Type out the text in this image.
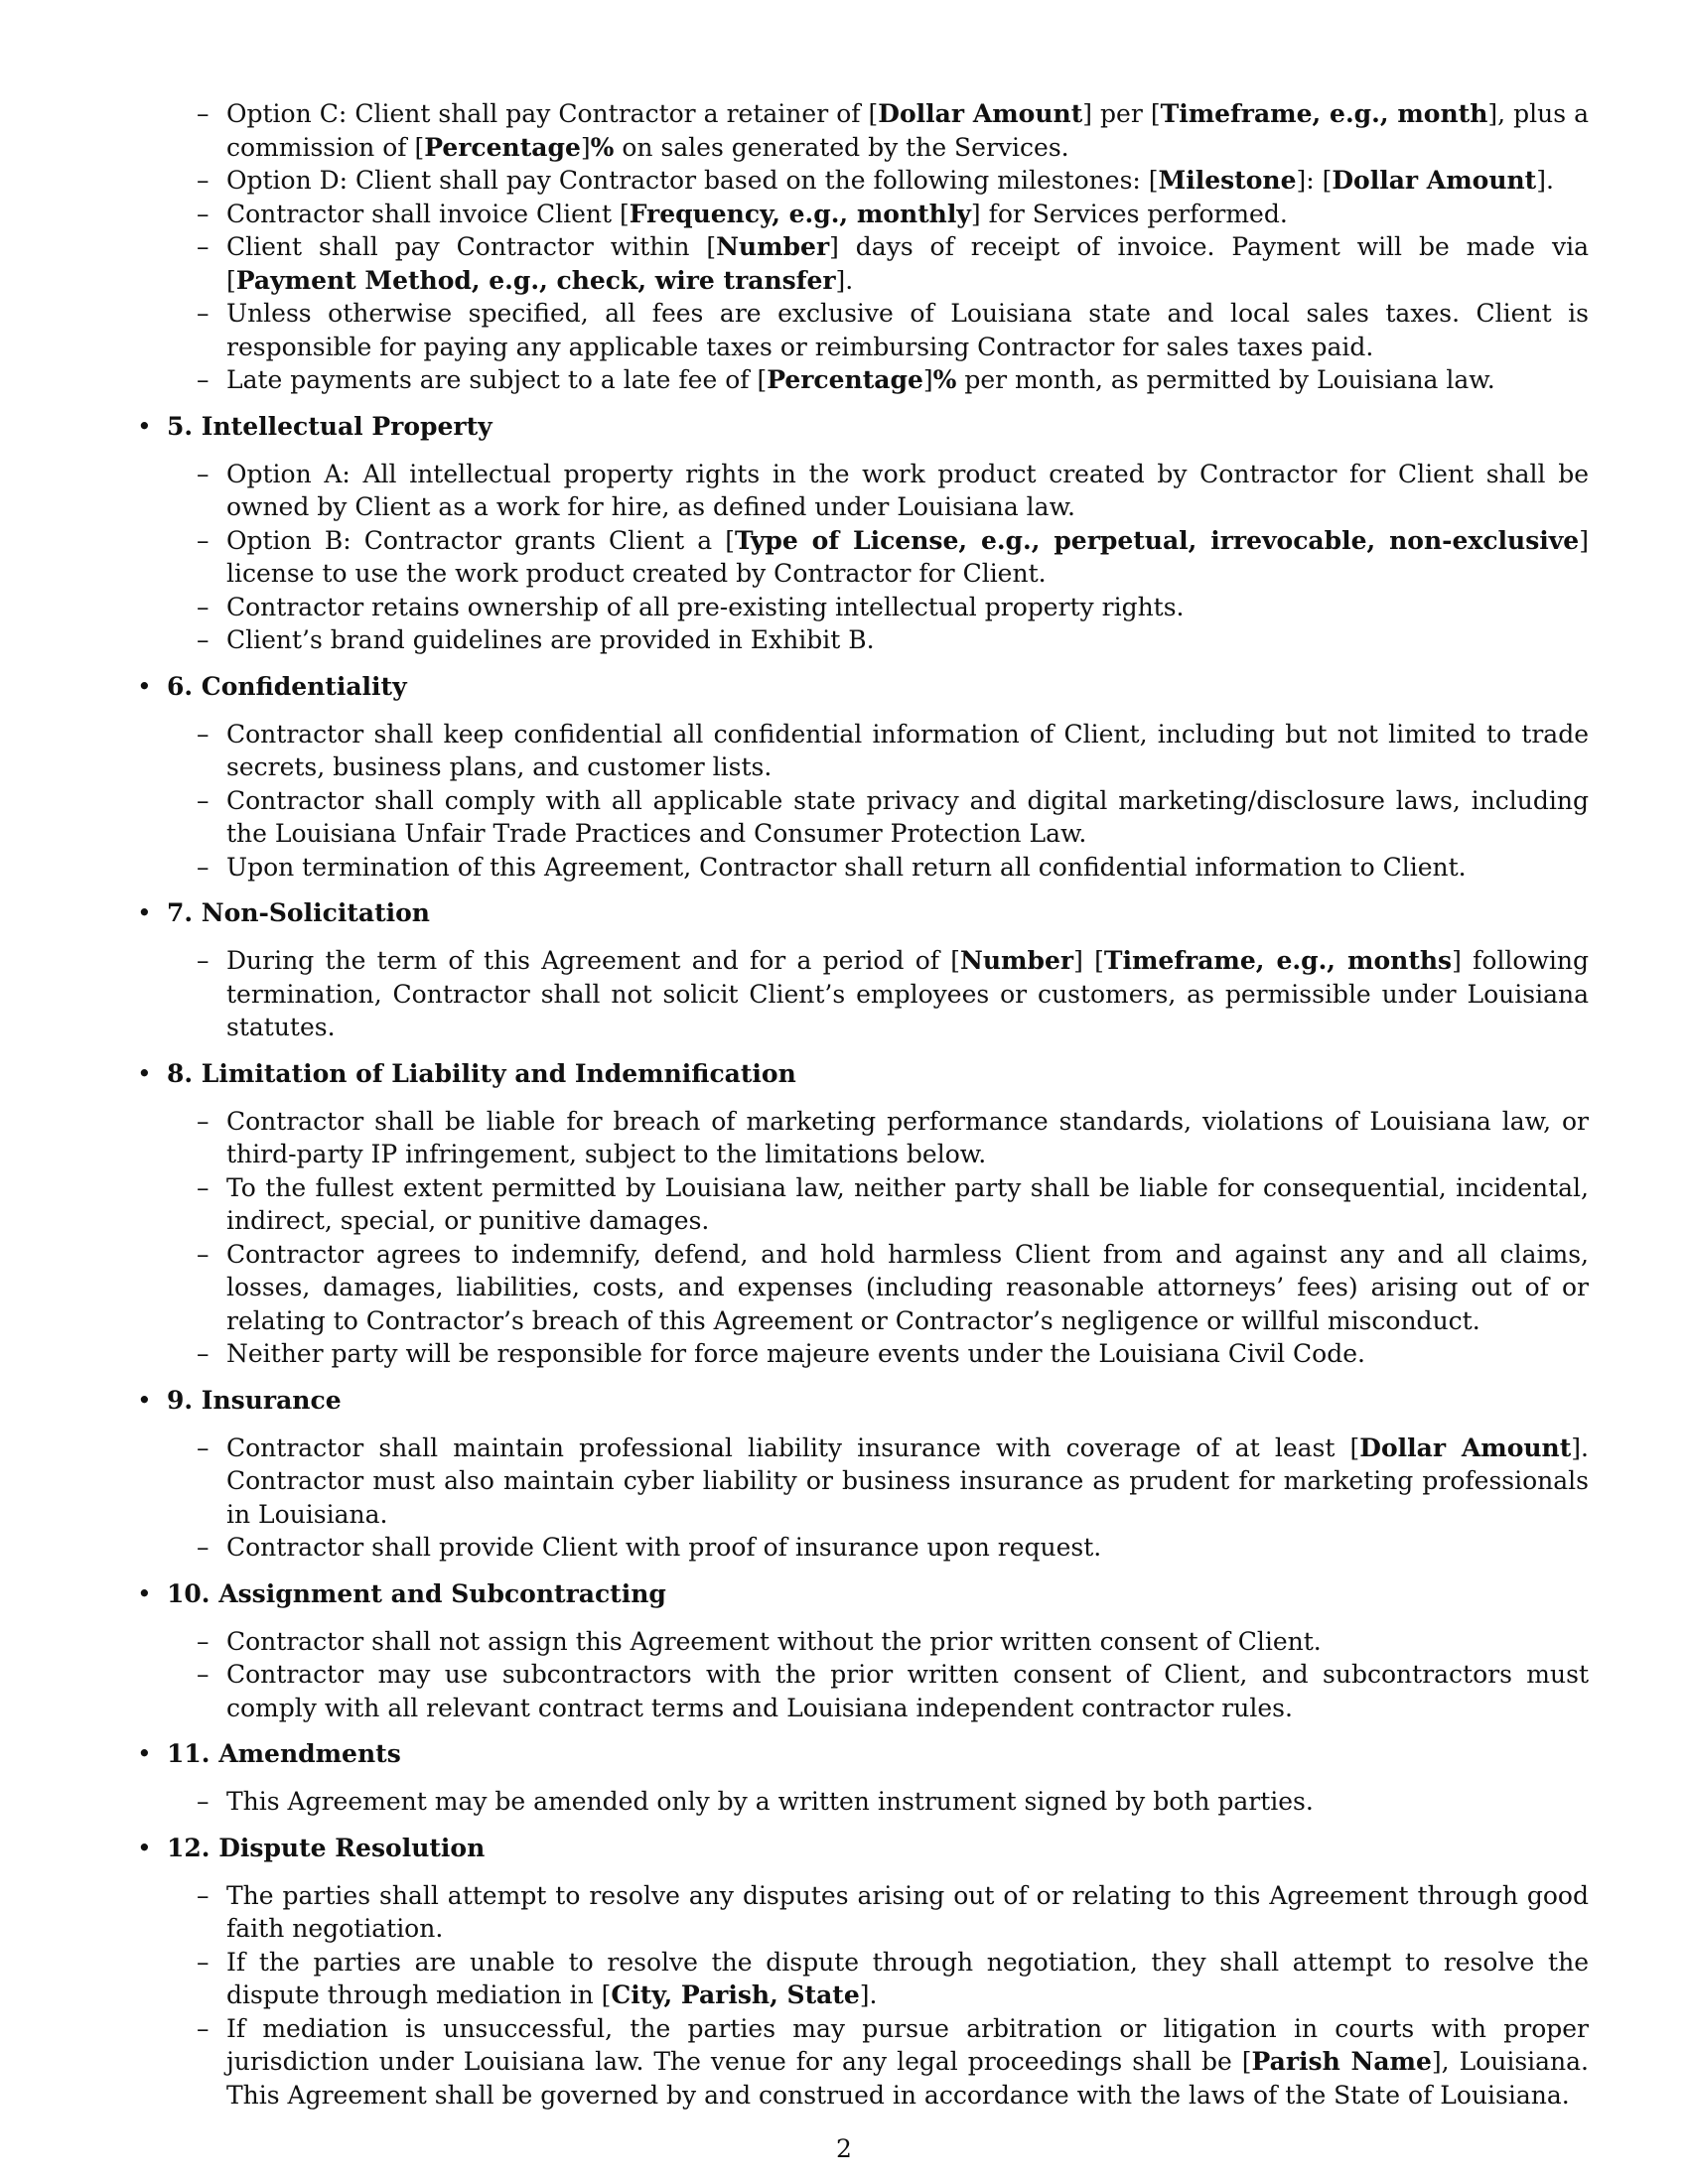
– Option C: Client shall pay Contractor a retainer of [Dollar Amount] per [Timeframe, e.g., month], plus a commission of [Percentage]% on sales generated by the Services.
– Option D: Client shall pay Contractor based on the following milestones: [Milestone]: [Dollar Amount].
– Contractor shall invoice Client [Frequency, e.g., monthly] for Services performed.
– Client shall pay Contractor within [Number] days of receipt of invoice. Payment will be made via [Payment Method, e.g., check, wire transfer].
– Unless otherwise specified, all fees are exclusive of Louisiana state and local sales taxes. Client is responsible for paying any applicable taxes or reimbursing Contractor for sales taxes paid.
– Late payments are subject to a late fee of [Percentage]% per month, as permitted by Louisiana law.
• 5. Intellectual Property
– Option A: All intellectual property rights in the work product created by Contractor for Client shall be owned by Client as a work for hire, as defined under Louisiana law.
– Option B: Contractor grants Client a [Type of License, e.g., perpetual, irrevocable, non-exclusive] license to use the work product created by Contractor for Client.
– Contractor retains ownership of all pre-existing intellectual property rights.
– Client’s brand guidelines are provided in Exhibit B.
• 6. Confidentiality
– Contractor shall keep confidential all confidential information of Client, including but not limited to trade secrets, business plans, and customer lists.
– Contractor shall comply with all applicable state privacy and digital marketing/disclosure laws, including the Louisiana Unfair Trade Practices and Consumer Protection Law.
– Upon termination of this Agreement, Contractor shall return all confidential information to Client.
• 7. Non-Solicitation
– During the term of this Agreement and for a period of [Number] [Timeframe, e.g., months] following termination, Contractor shall not solicit Client’s employees or customers, as permissible under Louisiana statutes.
• 8. Limitation of Liability and Indemnification
– Contractor shall be liable for breach of marketing performance standards, violations of Louisiana law, or third-party IP infringement, subject to the limitations below.
– To the fullest extent permitted by Louisiana law, neither party shall be liable for consequential, incidental, indirect, special, or punitive damages.
– Contractor agrees to indemnify, defend, and hold harmless Client from and against any and all claims, losses, damages, liabilities, costs, and expenses (including reasonable attorneys’ fees) arising out of or relating to Contractor’s breach of this Agreement or Contractor’s negligence or willful misconduct.
– Neither party will be responsible for force majeure events under the Louisiana Civil Code.
• 9. Insurance
– Contractor shall maintain professional liability insurance with coverage of at least [Dollar Amount]. Contractor must also maintain cyber liability or business insurance as prudent for marketing professionals in Louisiana.
– Contractor shall provide Client with proof of insurance upon request.
• 10. Assignment and Subcontracting
– Contractor shall not assign this Agreement without the prior written consent of Client.
– Contractor may use subcontractors with the prior written consent of Client, and subcontractors must comply with all relevant contract terms and Louisiana independent contractor rules.
• 11. Amendments
– This Agreement may be amended only by a written instrument signed by both parties.
• 12. Dispute Resolution
– The parties shall attempt to resolve any disputes arising out of or relating to this Agreement through good faith negotiation.
– If the parties are unable to resolve the dispute through negotiation, they shall attempt to resolve the dispute through mediation in [City, Parish, State].
– If mediation is unsuccessful, the parties may pursue arbitration or litigation in courts with proper jurisdiction under Louisiana law. The venue for any legal proceedings shall be [Parish Name], Louisiana. This Agreement shall be governed by and construed in accordance with the laws of the State of Louisiana.
2
